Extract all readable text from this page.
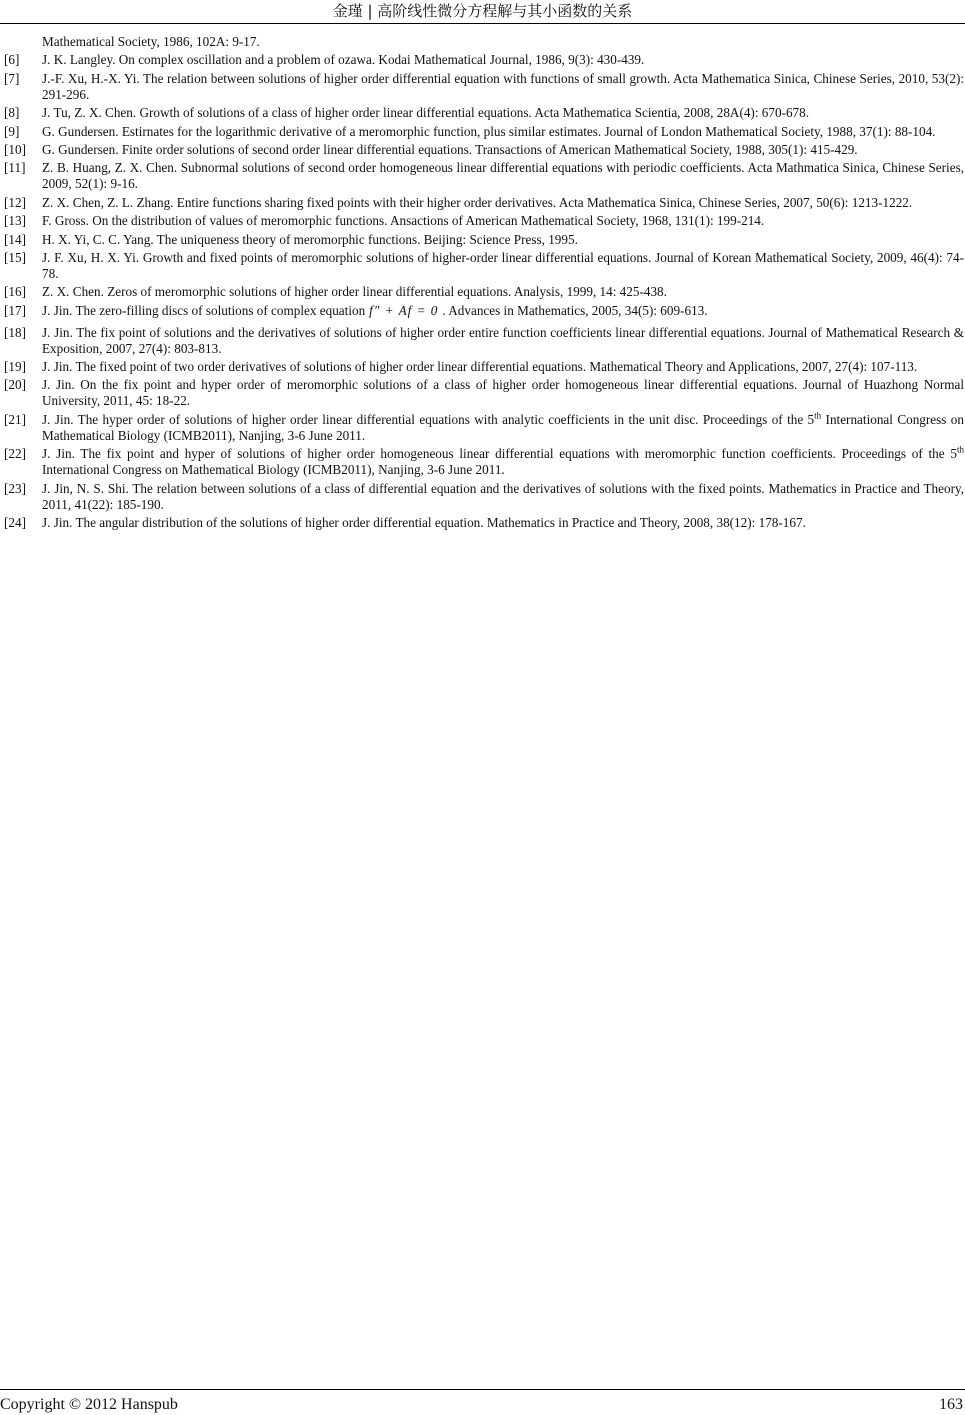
金瑾 | 高阶线性微分方程解与其小函数的关系
Mathematical Society, 1986, 102A: 9-17.
[6]	J. K. Langley. On complex oscillation and a problem of ozawa. Kodai Mathematical Journal, 1986, 9(3): 430-439.
[7]	J.-F. Xu, H.-X. Yi. The relation between solutions of higher order differential equation with functions of small growth. Acta Mathematica Sinica, Chinese Series, 2010, 53(2): 291-296.
[8]	J. Tu, Z. X. Chen. Growth of solutions of a class of higher order linear differential equations. Acta Mathematica Scientia, 2008, 28A(4): 670-678.
[9]	G. Gundersen. Estirnates for the logarithmic derivative of a meromorphic function, plus similar estimates. Journal of London Mathematical Society, 1988, 37(1): 88-104.
[10]	G. Gundersen. Finite order solutions of second order linear differential equations. Transactions of American Mathematical Society, 1988, 305(1): 415-429.
[11]	Z. B. Huang, Z. X. Chen. Subnormal solutions of second order homogeneous linear differential equations with periodic coefficients. Acta Mathmatica Sinica, Chinese Series, 2009, 52(1): 9-16.
[12]	Z. X. Chen, Z. L. Zhang. Entire functions sharing fixed points with their higher order derivatives. Acta Mathematica Sinica, Chinese Series, 2007, 50(6): 1213-1222.
[13]	F. Gross. On the distribution of values of meromorphic functions. Ansactions of American Mathematical Society, 1968, 131(1): 199-214.
[14]	H. X. Yi, C. C. Yang. The uniqueness theory of meromorphic functions. Beijing: Science Press, 1995.
[15]	J. F. Xu, H. X. Yi. Growth and fixed points of meromorphic solutions of higher-order linear differential equations. Journal of Korean Mathematical Society, 2009, 46(4): 74-78.
[16]	Z. X. Chen. Zeros of meromorphic solutions of higher order linear differential equations. Analysis, 1999, 14: 425-438.
[17]	J. Jin. The zero-filling discs of solutions of complex equation f″ + Af = 0 . Advances in Mathematics, 2005, 34(5): 609-613.
[18]	J. Jin. The fix point of solutions and the derivatives of solutions of higher order entire function coefficients linear differential equations. Journal of Mathematical Research & Exposition, 2007, 27(4): 803-813.
[19]	J. Jin. The fixed point of two order derivatives of solutions of higher order linear differential equations. Mathematical Theory and Applications, 2007, 27(4): 107-113.
[20]	J. Jin. On the fix point and hyper order of meromorphic solutions of a class of higher order homogeneous linear differential equations. Journal of Huazhong Normal University, 2011, 45: 18-22.
[21]	J. Jin. The hyper order of solutions of higher order linear differential equations with analytic coefficients in the unit disc. Proceedings of the 5th International Congress on Mathematical Biology (ICMB2011), Nanjing, 3-6 June 2011.
[22]	J. Jin. The fix point and hyper of solutions of higher order homogeneous linear differential equations with meromorphic function coefficients. Proceedings of the 5th International Congress on Mathematical Biology (ICMB2011), Nanjing, 3-6 June 2011.
[23]	J. Jin, N. S. Shi. The relation between solutions of a class of differential equation and the derivatives of solutions with the fixed points. Mathematics in Practice and Theory, 2011, 41(22): 185-190.
[24]	J. Jin. The angular distribution of the solutions of higher order differential equation. Mathematics in Practice and Theory, 2008, 38(12): 178-167.
Copyright © 2012 Hanspub	163
